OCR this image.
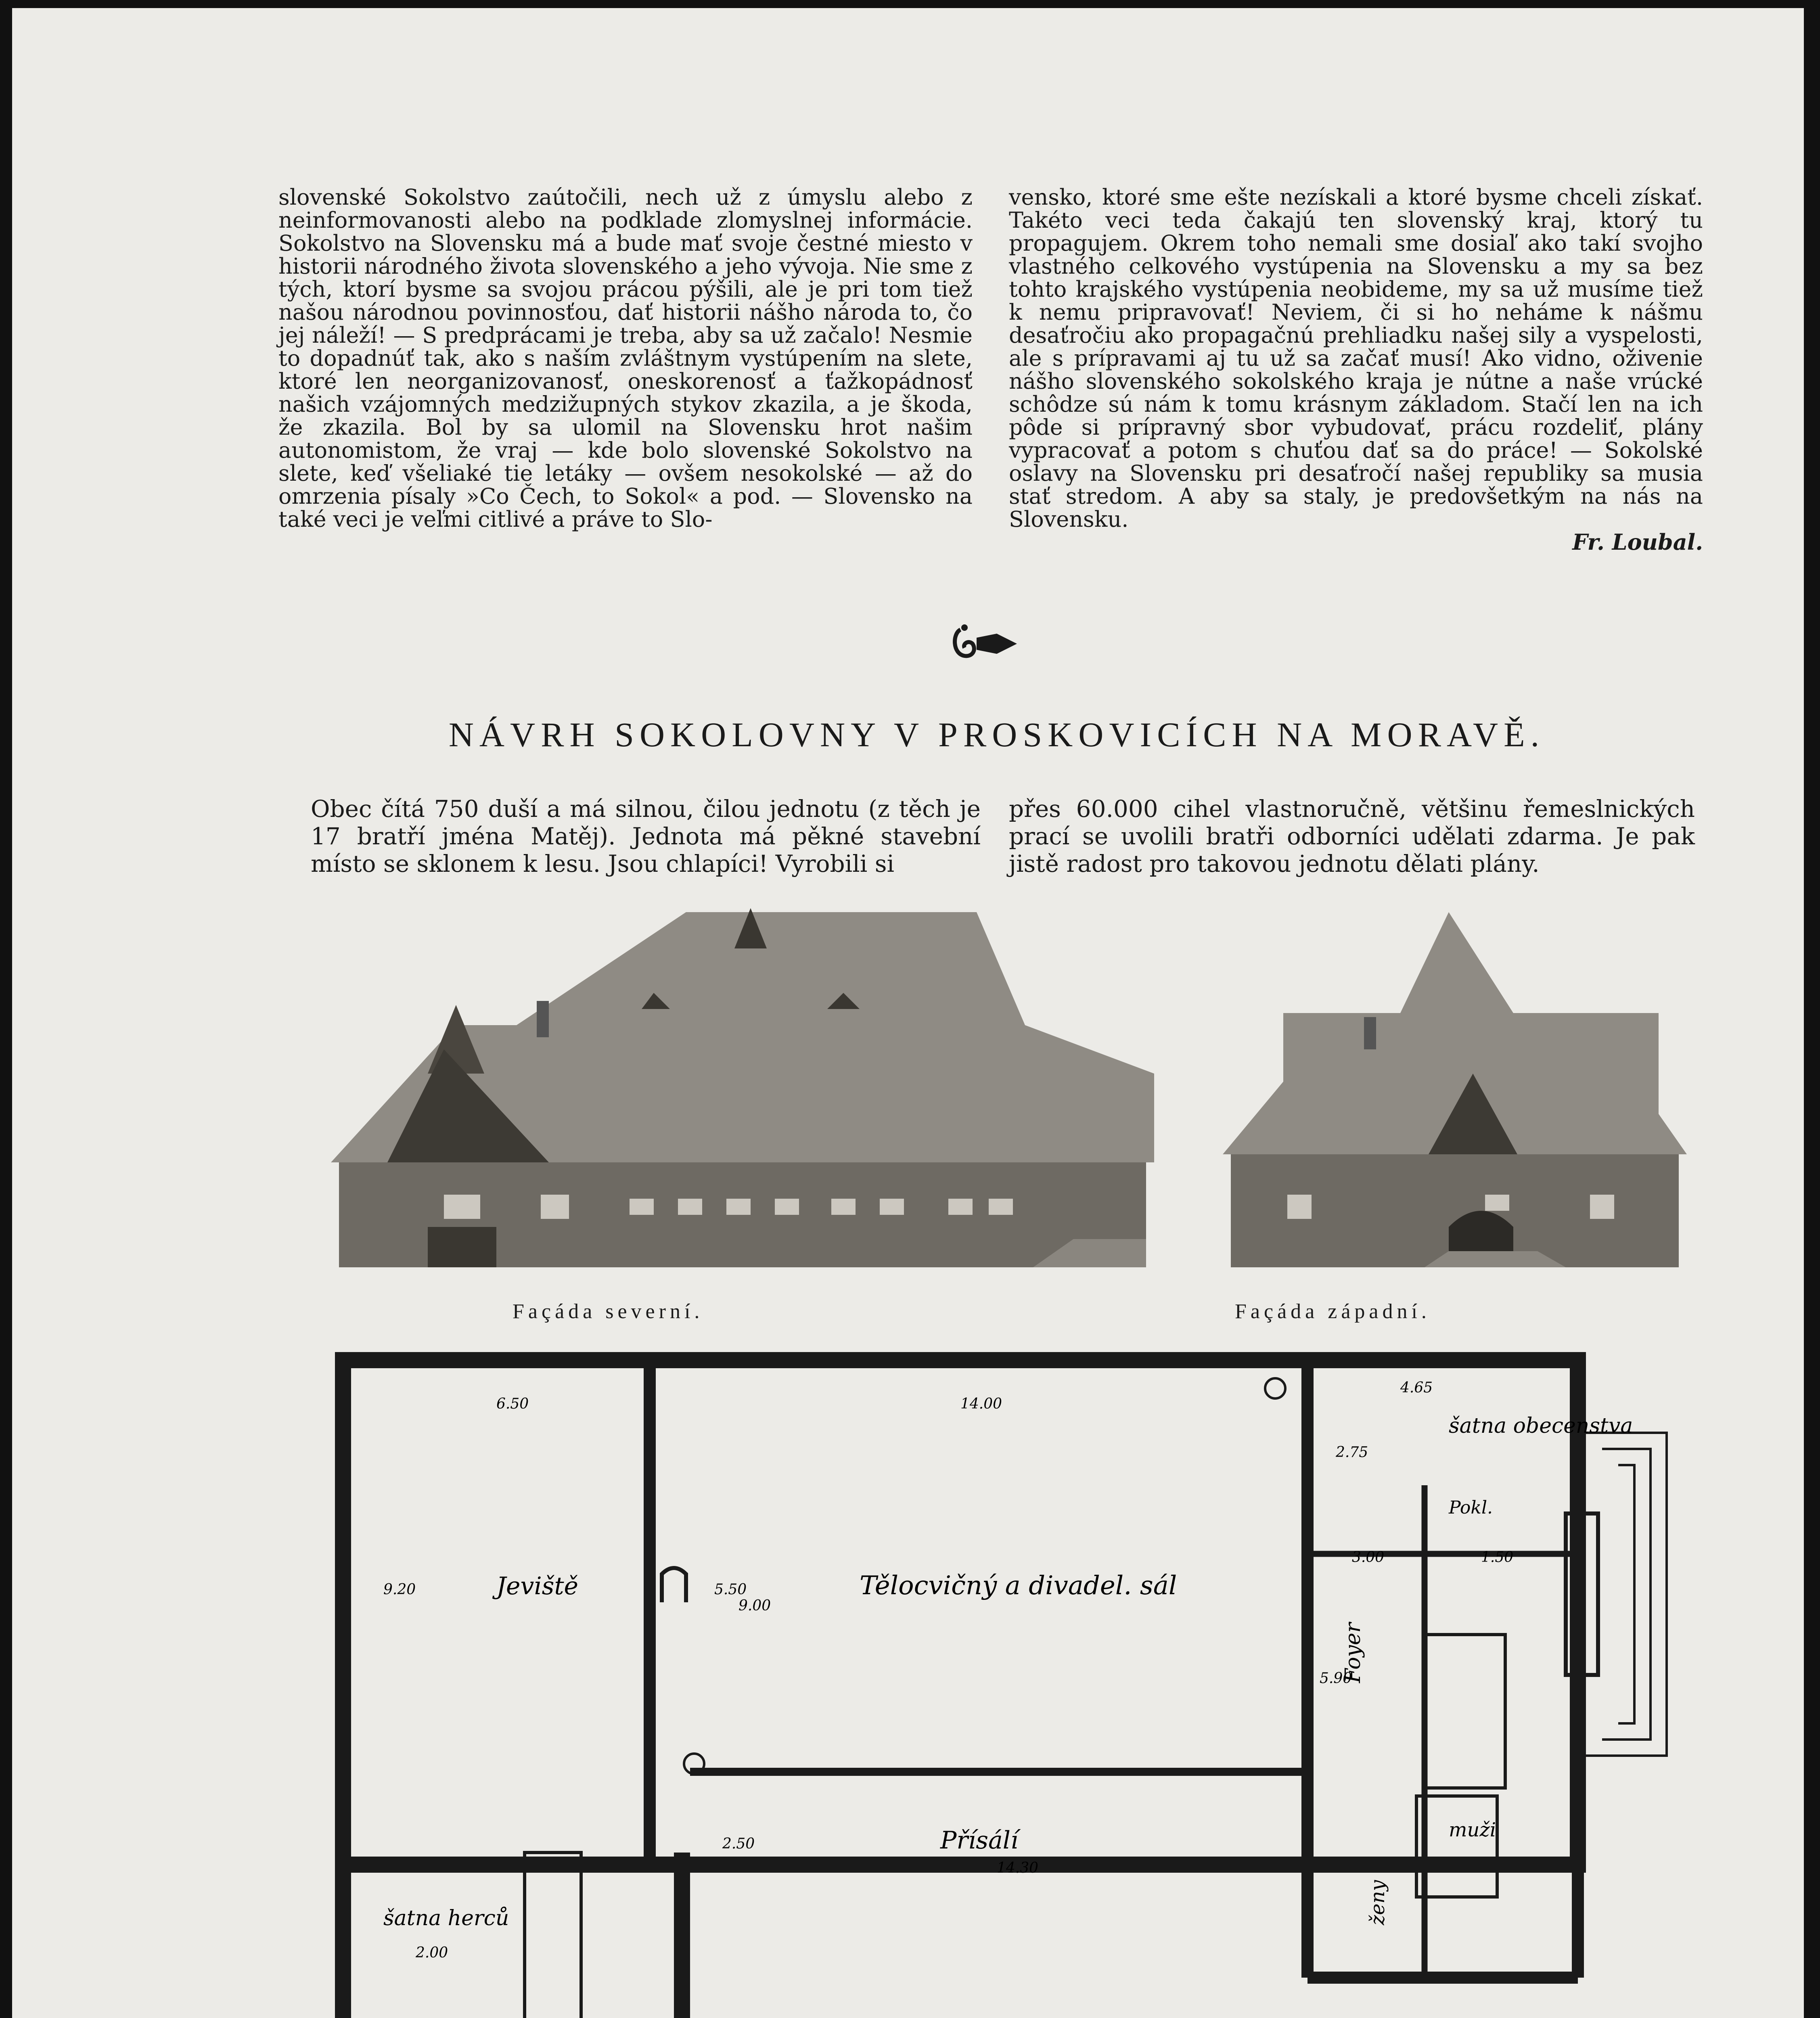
slovenské Sokolstvo zaútočili, nech už z úmyslu alebo z neinformovanosti alebo na podklade zlomyslnej informácie. Sokolstvo na Slovensku má a bude mať svoje čestné miesto v historii národného života slovenského a jeho vývoja. Nie sme z tých, ktorí bysme sa svojou prácou pýšili, ale je pri tom tiež našou národnou povinnosťou, dať historii nášho národa to, čo jej náleží! — S predprácami je treba, aby sa už začalo! Nesmie to dopadnúť tak, ako s naším zvláštnym vystúpením na slete, ktoré len neorganizovanosť, oneskorenosť a ťažkopádnosť našich vzájomných medzižupných stykov zkazila, a je škoda, že zkazila. Bol by sa ulomil na Slovensku hrot našim autonomistom, že vraj — kde bolo slovenské Sokolstvo na slete, keď všeliaké tie letáky — ovšem nesokolské — až do omrzenia písaly »Co Čech, to Sokol« a pod. — Slovensko na také veci je veľmi citlivé a práve to Slo-

vensko, ktoré sme ešte nezískali a ktoré bysme chceli získať. Takéto veci teda čakajú ten slovenský kraj, ktorý tu propagujem. Okrem toho nemali sme dosiaľ ako takí svojho vlastného celkového vystúpenia na Slovensku a my sa bez tohto krajského vystúpenia neobideme, my sa už musíme tiež k nemu pripravovať! Neviem, či si ho neháme k nášmu desaťročiu ako propagačnú prehliadku našej sily a vyspelosti, ale s prípravami aj tu už sa začať musí! Ako vidno, oživenie nášho slovenského sokolského kraja je nútne a naše vrúcké schôdze sú nám k tomu krásnym základom. Stačí len na ich pôde si prípravný sbor vybudovať, prácu rozdeliť, plány vypracovať a potom s chuťou dať sa do práce! — Sokolské oslavy na Slovensku pri desaťročí našej republiky sa musia stať stredom. A aby sa staly, je predovšetkým na nás na Slovensku.

Fr. Loubal.

NÁVRH SOKOLOVNY V PROSKOVICÍCH NA MORAVĚ.

Obec čítá 750 duší a má silnou, čilou jednotu (z těch je 17 bratří jména Matěj). Jednota má pěkné stavební místo se sklonem k lesu. Jsou chlapíci! Vyrobili si

přes 60.000 cihel vlastnoručně, většinu řemeslnických prací se uvolili bratři odborníci udělati zdarma. Je pak jistě radost pro takovou jednotu dělati plány.

Façáda severní.	Façáda západní.
Jeviště	Tělocvičný a divadel. sál
šatna obecenstva
Pokl.
Foyer
Přísálí
šatna herců
muži
ženy
6.50	14.00
4.65
2.75
9.20	5.50
9.00
3.00	1.50
5.90
2.50
14.30
2.00
